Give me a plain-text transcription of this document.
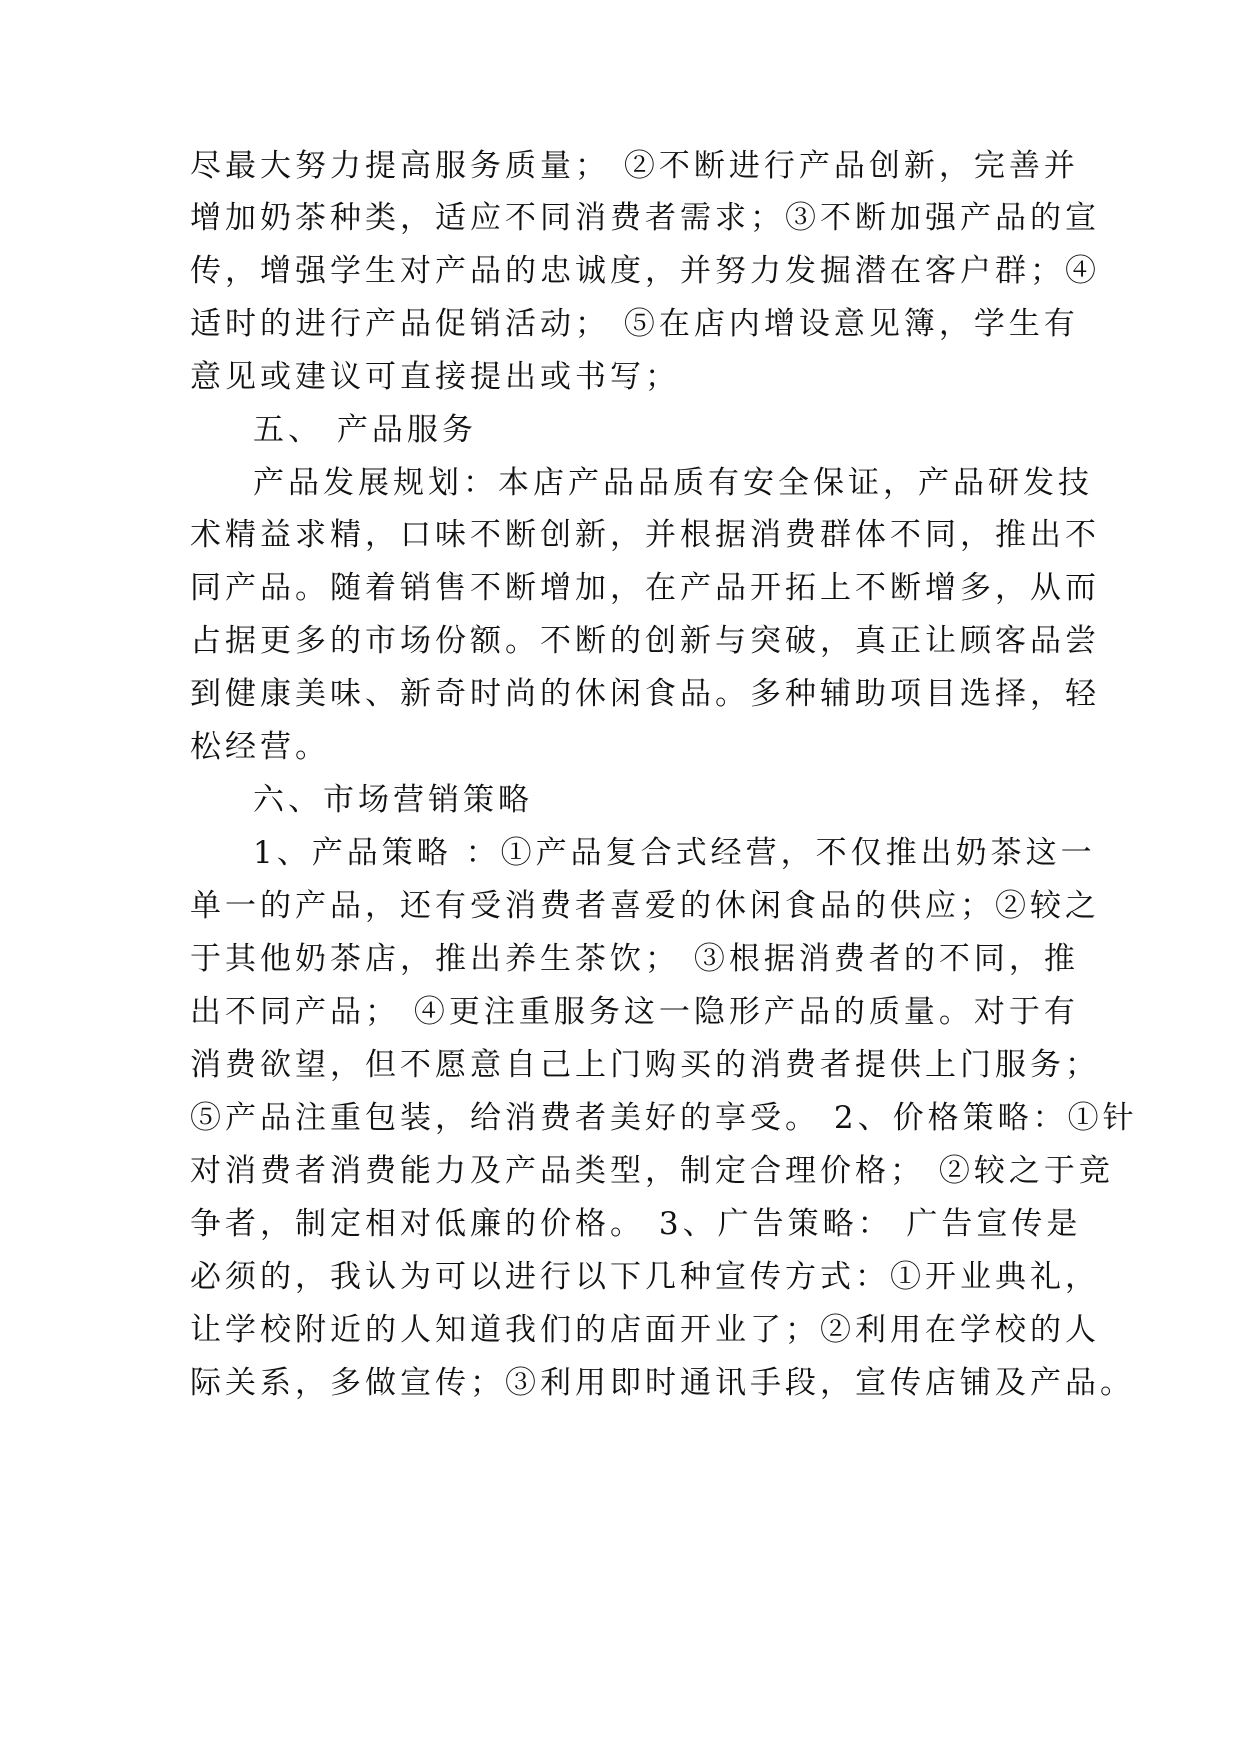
尽最大努力提高服务质量； ②不断进行产品创新，完善并
增加奶茶种类，适应不同消费者需求；③不断加强产品的宣
传，增强学生对产品的忠诚度，并努力发掘潜在客户群；④
适时的进行产品促销活动； ⑤在店内增设意见簿，学生有
意见或建议可直接提出或书写；
五、 产品服务
产品发展规划：本店产品品质有安全保证，产品研发技
术精益求精，口味不断创新，并根据消费群体不同，推出不
同产品。随着销售不断增加，在产品开拓上不断增多，从而
占据更多的市场份额。不断的创新与突破，真正让顾客品尝
到健康美味、新奇时尚的休闲食品。多种辅助项目选择，轻
松经营。
六、市场营销策略
1、产品策略 ：①产品复合式经营，不仅推出奶茶这一
单一的产品，还有受消费者喜爱的休闲食品的供应；②较之
于其他奶茶店，推出养生茶饮； ③根据消费者的不同，推
出不同产品； ④更注重服务这一隐形产品的质量。对于有
消费欲望，但不愿意自己上门购买的消费者提供上门服务；
⑤产品注重包装，给消费者美好的享受。 2、价格策略：①针
对消费者消费能力及产品类型，制定合理价格； ②较之于竞
争者，制定相对低廉的价格。 3、广告策略： 广告宣传是
必须的，我认为可以进行以下几种宣传方式：①开业典礼，
让学校附近的人知道我们的店面开业了；②利用在学校的人
际关系，多做宣传；③利用即时通讯手段，宣传店铺及产品。
